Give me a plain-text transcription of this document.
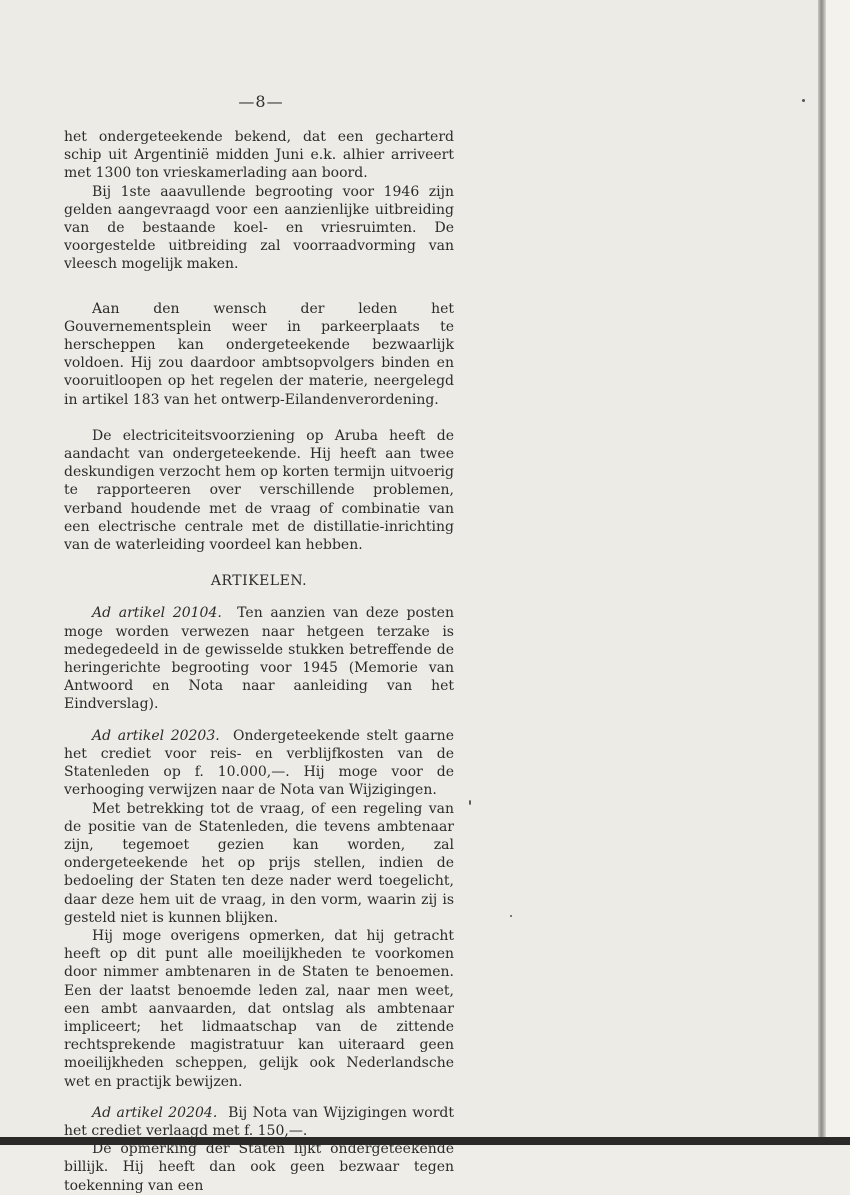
—8—

het ondergeteekende bekend, dat een gecharterd schip uit Argentinië midden Juni e.k. alhier arriveert met 1300 ton vrieskamerlading aan boord.

Bij 1ste aaavullende begrooting voor 1946 zijn gelden aangevraagd voor een aanzienlijke uitbreiding van de bestaande koel- en vriesruimten. De voorgestelde uitbreiding zal voorraadvorming van vleesch mogelijk maken.

Aan den wensch der leden het Gouvernementsplein weer in parkeerplaats te herscheppen kan ondergeteekende bezwaarlijk voldoen. Hij zou daardoor ambtsopvolgers binden en vooruitloopen op het regelen der materie, neergelegd in artikel 183 van het ontwerp-Eilandenverordening.

De electriciteitsvoorziening op Aruba heeft de aandacht van ondergeteekende. Hij heeft aan twee deskundigen verzocht hem op korten termijn uitvoerig te rapporteeren over verschillende problemen, verband houdende met de vraag of combinatie van een electrische centrale met de distillatie-inrichting van de waterleiding voordeel kan hebben.

ARTIKELEN.

Ad artikel 20104. Ten aanzien van deze posten moge worden verwezen naar hetgeen terzake is medegedeeld in de gewisselde stukken betreffende de heringerichte begrooting voor 1945 (Memorie van Antwoord en Nota naar aanleiding van het Eindverslag).

Ad artikel 20203. Ondergeteekende stelt gaarne het crediet voor reis- en verblijfkosten van de Statenleden op f. 10.000,—. Hij moge voor de verhooging verwijzen naar de Nota van Wijzigingen.

Met betrekking tot de vraag, of een regeling van de positie van de Statenleden, die tevens ambtenaar zijn, tegemoet gezien kan worden, zal ondergeteekende het op prijs stellen, indien de bedoeling der Staten ten deze nader werd toegelicht, daar deze hem uit de vraag, in den vorm, waarin zij is gesteld niet is kunnen blijken.

Hij moge overigens opmerken, dat hij getracht heeft op dit punt alle moeilijkheden te voorkomen door nimmer ambtenaren in de Staten te benoemen. Een der laatst benoemde leden zal, naar men weet, een ambt aanvaarden, dat ontslag als ambtenaar impliceert; het lidmaatschap van de zittende rechtsprekende magistratuur kan uiteraard geen moeilijkheden scheppen, gelijk ook Nederlandsche wet en practijk bewijzen.

Ad artikel 20204. Bij Nota van Wijzigingen wordt het crediet verlaagd met f. 150,—.

De opmerking der Staten lijkt ondergeteekende billijk. Hij heeft dan ook geen bezwaar tegen toekenning van een
